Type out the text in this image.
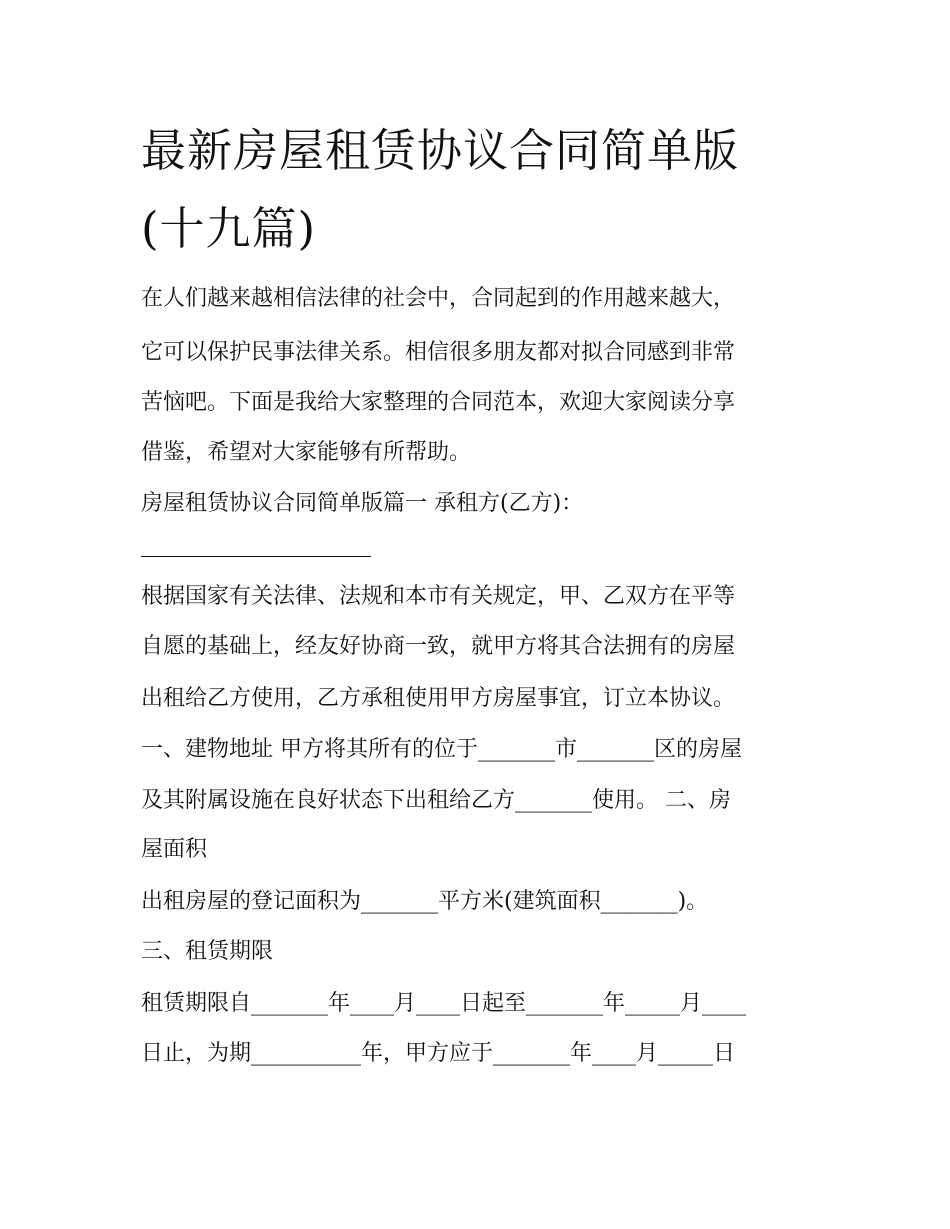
最新房屋租赁协议合同简单版
(十九篇)

在人们越来越相信法律的社会中，合同起到的作用越来越大，

它可以保护民事法律关系。相信很多朋友都对拟合同感到非常

苦恼吧。下面是我给大家整理的合同范本，欢迎大家阅读分享

借鉴，希望对大家能够有所帮助。

房屋租赁协议合同简单版篇一 承租方(乙方)：

根据国家有关法律、法规和本市有关规定，甲、乙双方在平等

自愿的基础上，经友好协商一致，就甲方将其合法拥有的房屋

出租给乙方使用，乙方承租使用甲方房屋事宜，订立本协议。

一、建物地址 甲方将其所有的位于_______市_______区的房屋

及其附属设施在良好状态下出租给乙方_______使用。 二、房

屋面积

出租房屋的登记面积为_______平方米(建筑面积_______)。

三、租赁期限

租赁期限自_______年____月____日起至_______年_____月____

日止，为期__________年，甲方应于_______年____月_____日
